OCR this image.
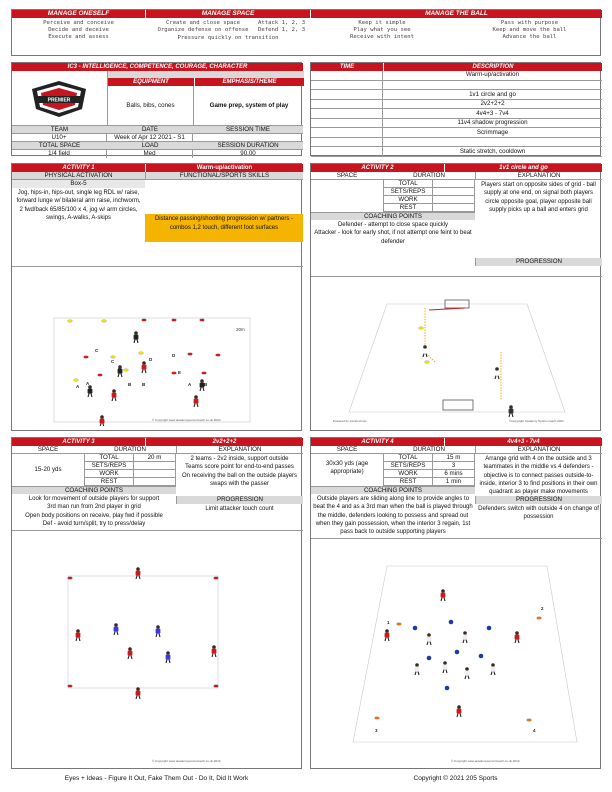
MANAGE ONESELF
Perceive and conceive
Decide and deceive
Execute and assess
MANAGE SPACE
Create and close space
Organize defense on offense
Attack 1, 2, 3
Defend 1, 2, 3
Pressure quickly on transition
MANAGE THE BALL
Keep it simple
Play what you see
Receive with intent
Pass with purpose
Keep and move the ball
Advance the ball
IC3 - INTELLIGENCE, COMPETENCE, COURAGE, CHARACTER
PREMIER
EQUIPMENT	EMPHASIS/THEME
Balls, bibs, cones	Game prep, system of play
TEAM	DATE	SESSION TIME
U10+	Week of Apr 12 2021 - S1
TOTAL SPACE	LOAD	SESSION DURATION
1/4 field	Med	90.00
TIME	DESCRIPTION
Warm-up/activation
1v1 circle and go
2v2+2+2
4v4+3 - 7v4
11v4 shadow progression
Scrimmage
Static stretch, cooldown
ACTIVITY 1	Warm-up/activation
PHYSICAL ACTIVATION	FUNCTIONAL/SPORTS SKILLS
Box-5
Jog, hips-in, hips-out, single leg RDL w/ raise, forward lunge w/ bilateral arm raise, inchworm, 2 fwd/back 65/85/100 x 4, jog w/ arm circles, swings, A-walks, A-skips	Distance passing/shooting progression w/ partners - combos 1,2 touch, different foot surfaces
C
D
C
D
E
E
A	B	A
B	B
A
20m
© Copyright www.academysoccercoach.co.uk 2020
ACTIVITY 2	1v1 circle and go
SPACE	DURATION	EXPLANATION
TOTAL
SETS/REPS
WORK
REST
Players start on opposite sides of grid - ball supply at one end, on signal both players circle opposite goal, player opposite ball supply picks up a ball and enters grid
COACHING POINTS
Defender - attempt to close space quickly
Attacker - look for early shot, if not attempt one feint to beat defender
PROGRESSION
Powered by sixcloud.com	©Copyright Academy Sports Coach 2021
ACTIVITY 3	2v2+2+2
SPACE	DURATION	EXPLANATION
15-20 yds
TOTAL	20 m
SETS/REPS
WORK
REST
2 teams - 2v2 inside, support outside
Teams score point for end-to-end passes
On receiving the ball on the outside players swaps with the passer
COACHING POINTS
Look for movement of outside players for support
3rd man run from 2nd player in grid
Open body positions on receive, play fwd if possible
Def - avoid turn/split, try to press/delay
PROGRESSION
Limit attacker touch count
© Copyright www.academysoccercoach.co.uk 2019
ACTIVITY 4	4v4+3 - 7v4
SPACE	DURATION	EXPLANATION
30x30 yds (age appropriate)
TOTAL	15 m
SETS/REPS	3
WORK	6 mins
REST	1 min
Arrange grid with 4 on the outside and 3 teammates in the middle vs 4 defenders - objective is to connect passes outside-to-inside, interior 3 to find positions in their own quadrant as player make movements
COACHING POINTS
Outside players are sliding along line to provide angles to beat the 4 and as a 3rd man when the ball is played through the middle, defenders looking to possess and spread out when they gain possession, when the interior 3 regain, 1st pass back to outside supporting players
PROGRESSION
Defenders switch with outside 4 on change of possession
1
2
3	4
© Copyright www.academysoccercoach.co.uk 2019
Eyes + Ideas - Figure It Out, Fake Them Out - Do It, Did It Work	Copyright © 2021 205 Sports
